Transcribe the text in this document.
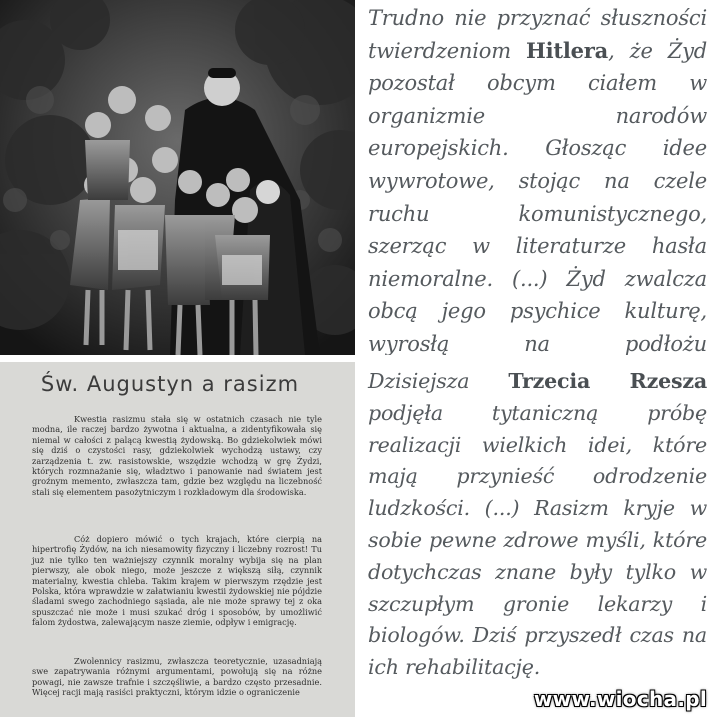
Trudno nie przyznać słuszności twierdzeniom Hitlera, że Żyd pozostał obcym ciałem w organizmie narodów europejskich. Głosząc idee wywrotowe, stojąc na czele ruchu komunistycznego, szerząc w literaturze hasła niemoralne. (...) Żyd zwalcza obcą jego psychice kulturę, wyrosłą na podłożu

Św. Augustyn a rasizm

Kwestia rasizmu stała się w ostatnich czasach nie tyle modna, ile raczej bardzo żywotna i aktualna, a zidentyfikowała się niemal w całości z palącą kwestią żydowską. Bo gdziekolwiek mówi się dziś o czystości rasy, gdziekolwiek wychodzą ustawy, czy zarządzenia t. zw. rasistowskie, wszędzie wchodzą w grę Żydzi, których rozmnażanie się, władztwo i panowanie nad światem jest groźnym memento, zwłaszcza tam, gdzie bez względu na liczebność stali się elementem pasożytniczym i rozkładowym dla środowiska.

Cóż dopiero mówić o tych krajach, które cierpią na hipertrofię Żydów, na ich niesamowity fizyczny i liczebny rozrost! Tu już nie tylko ten ważniejszy czynnik moralny wybija się na plan pierwszy, ale obok niego, może jeszcze z większą siłą, czynnik materialny, kwestia chleba. Takim krajem w pierwszym rzędzie jest Polska, która wprawdzie w załatwianiu kwestii żydowskiej nie pójdzie śladami swego zachodniego sąsiada, ale nie może sprawy tej z oka spuszczać nie może i musi szukać dróg i sposobów, by umożliwić falom żydostwa, zalewającym nasze ziemie, odpływ i emigrację.

Zwolennicy rasizmu, zwłaszcza teoretycznie, uzasadniają swe zapatrywania różnymi argumentami, powołują się na różne powagi, nie zawsze trafnie i szczęśliwie, a bardzo często przesadnie. Więcej racji mają rasiści praktyczni, którym idzie o ograniczenie

Dzisiejsza Trzecia Rzesza podjęła tytaniczną próbę realizacji wielkich idei, które mają przynieść odrodzenie ludzkości. (...) Rasizm kryje w sobie pewne zdrowe myśli, które dotychczas znane były tylko w szczupłym gronie lekarzy i biologów. Dziś przyszedł czas na ich rehabilitację.

www.wiocha.pl
